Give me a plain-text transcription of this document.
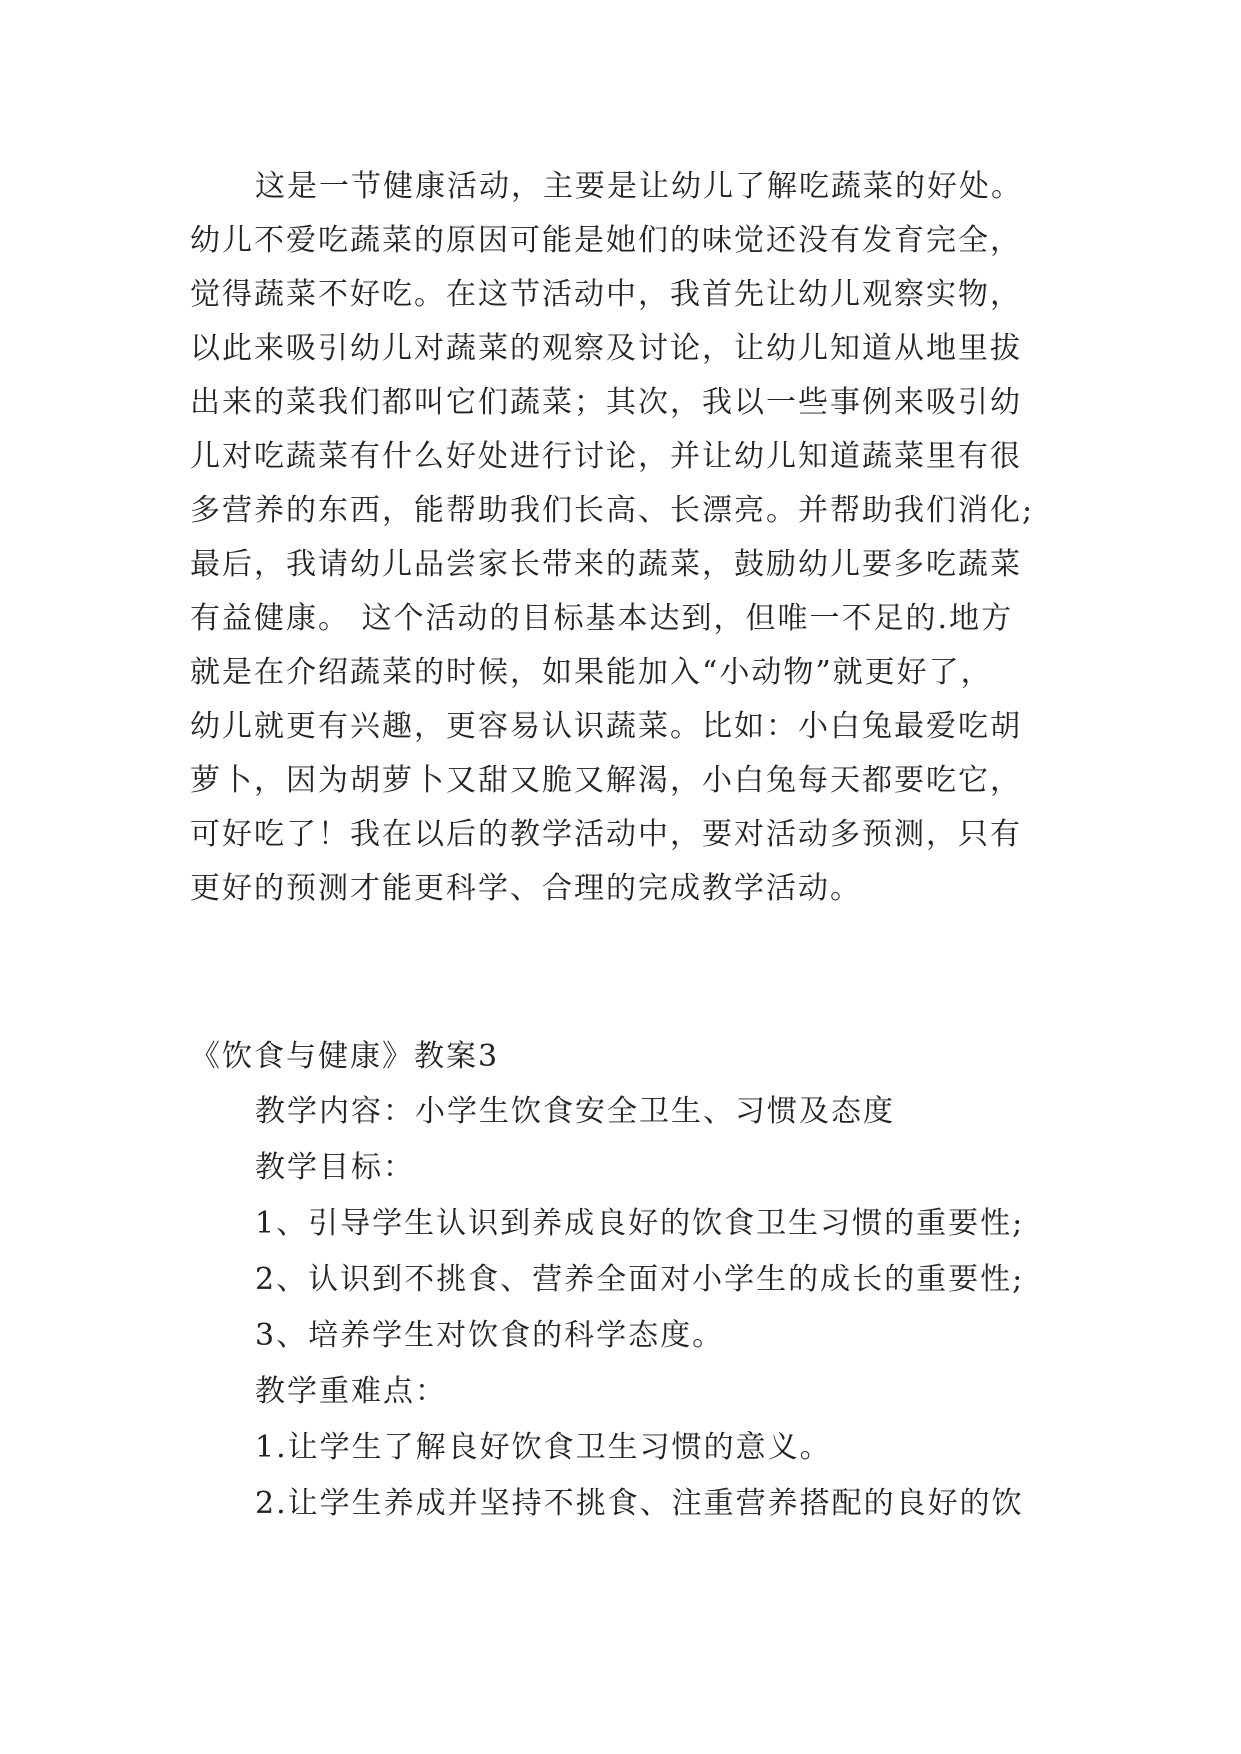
这是一节健康活动，主要是让幼儿了解吃蔬菜的好处。
幼儿不爱吃蔬菜的原因可能是她们的味觉还没有发育完全，
觉得蔬菜不好吃。在这节活动中，我首先让幼儿观察实物，
以此来吸引幼儿对蔬菜的观察及讨论，让幼儿知道从地里拔
出来的菜我们都叫它们蔬菜；其次，我以一些事例来吸引幼
儿对吃蔬菜有什么好处进行讨论，并让幼儿知道蔬菜里有很
多营养的东西，能帮助我们长高、长漂亮。并帮助我们消化;
最后，我请幼儿品尝家长带来的蔬菜，鼓励幼儿要多吃蔬菜
有益健康。 这个活动的目标基本达到，但唯一不足的.地方
就是在介绍蔬菜的时候，如果能加入“小动物”就更好了，
幼儿就更有兴趣，更容易认识蔬菜。比如：小白兔最爱吃胡
萝卜，因为胡萝卜又甜又脆又解渴，小白兔每天都要吃它，
可好吃了！我在以后的教学活动中，要对活动多预测，只有
更好的预测才能更科学、合理的完成教学活动。
《饮食与健康》教案3
教学内容：小学生饮食安全卫生、习惯及态度
教学目标：
1、引导学生认识到养成良好的饮食卫生习惯的重要性;
2、认识到不挑食、营养全面对小学生的成长的重要性;
3、培养学生对饮食的科学态度。
教学重难点：
1.让学生了解良好饮食卫生习惯的意义。
2.让学生养成并坚持不挑食、注重营养搭配的良好的饮
